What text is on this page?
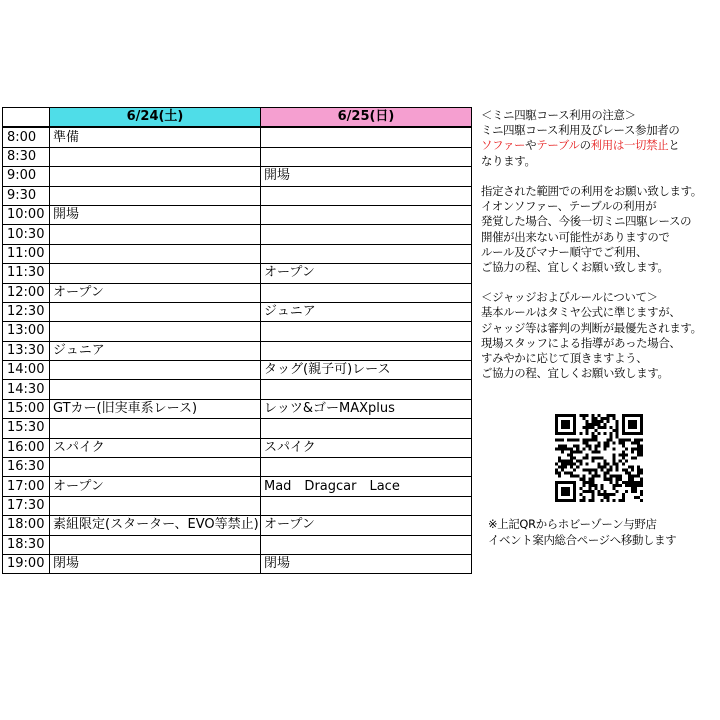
	6/24(土)	6/25(日)
8:00	準備	
8:30		
9:00		開場
9:30		
10:00	開場	
10:30		
11:00		
11:30		オープン
12:00	オープン	
12:30		ジュニア
13:00		
13:30	ジュニア	
14:00		タッグ(親子可)レース
14:30		
15:00	GTカー(旧実車系レース)	レッツ&ゴーMAXplus
15:30		
16:00	スパイク	スパイク
16:30		
17:00	オープン	Mad　Dragcar　Lace
17:30		
18:00	素組限定(スターター、EVO等禁止)	オープン
18:30		
19:00	閉場	閉場
＜ミニ四駆コース利用の注意＞
ミニ四駆コース利用及びレース参加者の
ソファーやテーブルの利用は一切禁止と
なります。
指定された範囲での利用をお願い致します。
イオンソファー、テーブルの利用が
発覚した場合、今後一切ミニ四駆レースの
開催が出来ない可能性がありますので
ルール及びマナー順守でご利用、
ご協力の程、宜しくお願い致します。
＜ジャッジおよびルールについて＞
基本ルールはタミヤ公式に準じますが、
ジャッジ等は審判の判断が最優先されます。
現場スタッフによる指導があった場合、
すみやかに応じて頂きますよう、
ご協力の程、宜しくお願い致します。
※上記QRからホビーゾーン与野店
イベント案内総合ページへ移動します
